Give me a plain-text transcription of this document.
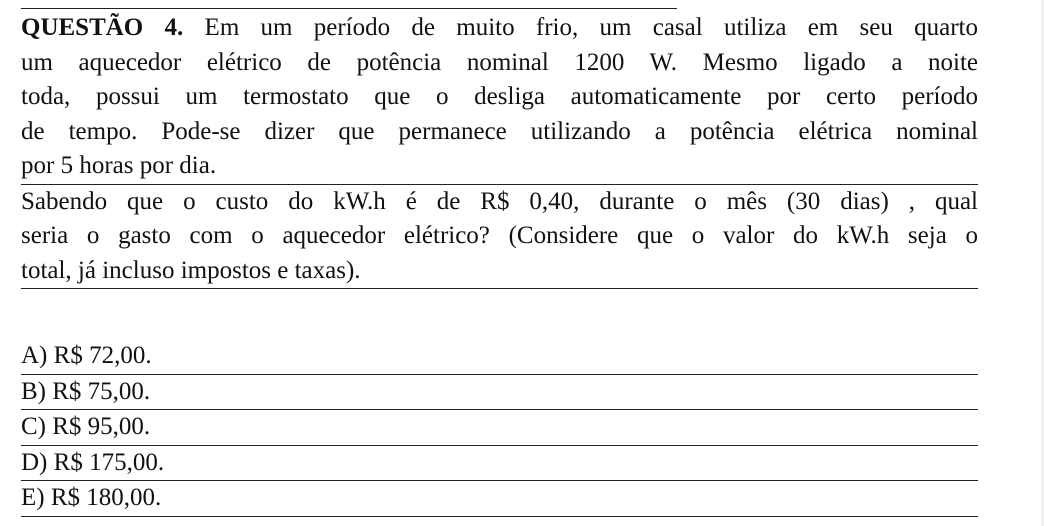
QUESTÃO 4. Em um período de muito frio, um casal utiliza em seu quarto
um aquecedor elétrico de potência nominal 1200 W. Mesmo ligado a noite
toda, possui um termostato que o desliga automaticamente por certo período
de tempo. Pode-se dizer que permanece utilizando a potência elétrica nominal
por 5 horas por dia.
Sabendo que o custo do kW.h é de R$ 0,40, durante o mês (30 dias) , qual
seria o gasto com o aquecedor elétrico? (Considere que o valor do kW.h seja o
total, já incluso impostos e taxas).
A) R$ 72,00.
B) R$ 75,00.
C) R$ 95,00.
D) R$ 175,00.
E) R$ 180,00.
